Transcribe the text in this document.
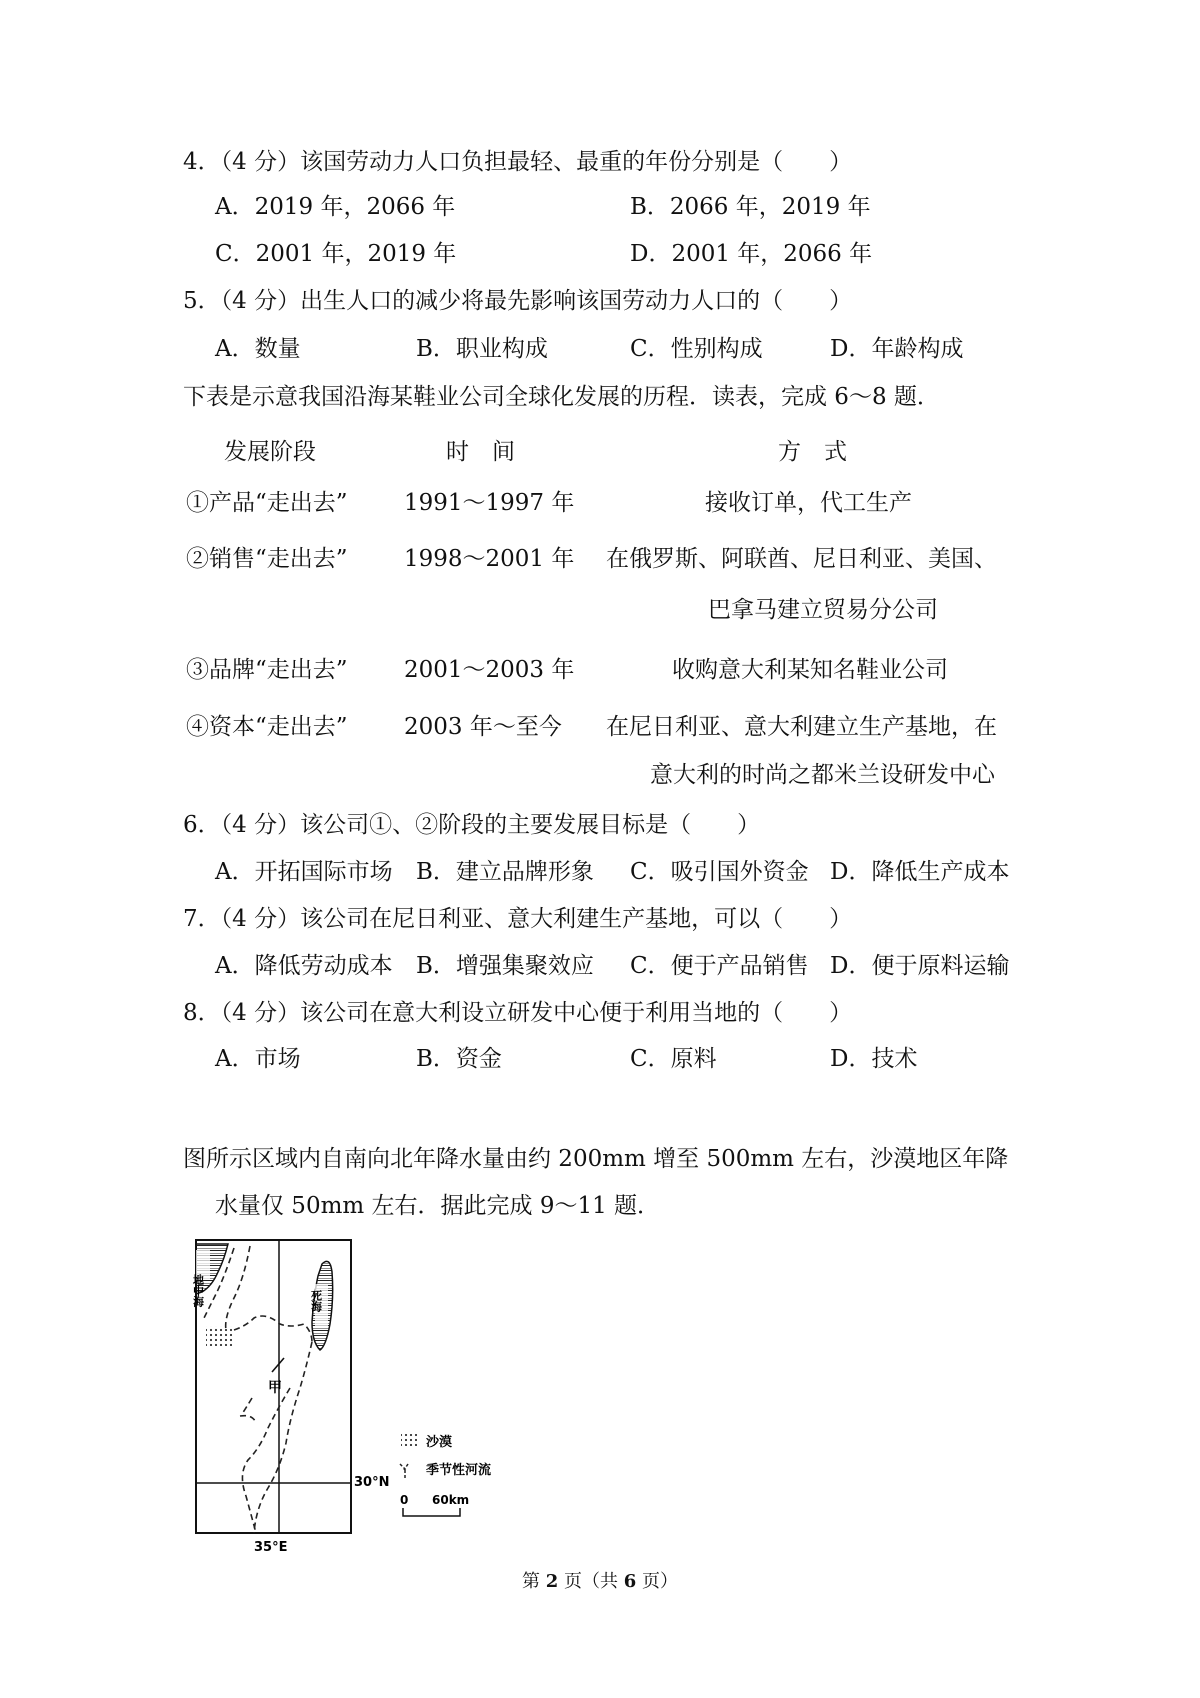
4．（4 分）该国劳动力人口负担最轻、最重的年份分别是（　　）
A．2019 年，2066 年	B．2066 年，2019 年
C．2001 年，2019 年	D．2001 年，2066 年
5．（4 分）出生人口的减少将最先影响该国劳动力人口的（　　）
A．数量	B．职业构成	C．性别构成	D．年龄构成
下表是示意我国沿海某鞋业公司全球化发展的历程．读表，完成 6～8 题．
发展阶段	时　间	方　式
①产品“走出去” 1991～1997 年	接收订单，代工生产
②销售“走出去” 1998～2001 年 在俄罗斯、阿联酋、尼日利亚、美国、
巴拿马建立贸易分公司
③品牌“走出去” 2001～2003 年	收购意大利某知名鞋业公司
④资本“走出去” 2003 年～至今 在尼日利亚、意大利建立生产基地，在
意大利的时尚之都米兰设研发中心
6．（4 分）该公司①、②阶段的主要发展目标是（　　）
A．开拓国际市场 B．建立品牌形象 C．吸引国外资金 D．降低生产成本
7．（4 分）该公司在尼日利亚、意大利建生产基地，可以（　　）
A．降低劳动成本 B．增强集聚效应 C．便于产品销售 D．便于原料运输
8．（4 分）该公司在意大利设立研发中心便于利用当地的（　　）
A．市场	B．资金	C．原料	D．技术
图所示区域内自南向北年降水量由约 200mm 增至 500mm 左右，沙漠地区年降
水量仅 50mm 左右．据此完成 9～11 题．
地中海	死海
甲
30°N
35°E
沙漠
季节性河流
0 60km
第 2 页（共 6 页）
